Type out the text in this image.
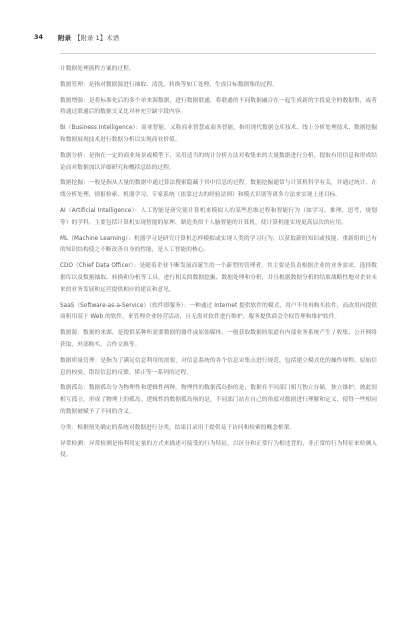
34 附录 【附录 1】术语

计数据处理流程方案的过程。

数据管理：是指对数据源进行抽取、清洗、转换等加工处理，生成目标数据集的过程。

数据增强：是将标准化后的多个单来源数据，进行数据联通，将联通的不同数据融合在一起生成新的字段更全的数据集，或者将通过联通后的数据交叉比对补充空缺字段内容。

BI（Business Intelligence）：商业智能，又称商业智慧或商务智能，指用现代数据仓库技术、线上分析处理技术、数据挖掘和数据展现技术进行数据分析以实现商业价值。

数据分析：是指在一定的商业场景或模型下，采用适当的统计分析方法对收集来的大量数据进行分析，提取有用信息和形成结论而对数据加以详细研究和概括总结的过程。

数据挖掘：一般是指从大量的数据中通过算法搜索隐藏于其中信息的过程。数据挖掘通常与计算机科学有关，并通过统计、在线分析处理、情报检索、机器学习、专家系统（依靠过去的经验法则）和模式识别等诸多方法来实现上述目标。

AI（Artificial Intelligence）：人工智能是研究使计算机来模拟人的某些思维过程和智能行为（如学习、推理、思考、规划等）的学科，主要包括计算机实现智能的原理、制造类似于人脑智能的计算机，使计算机能实现更高层次的应用。

ML（Machine Learning）：机器学习是研究计算机怎样模拟或实现人类的学习行为，以获取新的知识或技能，重新组织已有的知识结构使之不断改善自身的性能，是人工智能的核心。

CDO（Chief Data Officer）：是随着企业不断发展而诞生的一个新型的管理者，其主要是负责根据企业的业务需求，选择数据库以及数据抽取、转换和分析等工具，进行相关的数据挖掘、数据处理和分析，并且根据数据分析的结果战略性地对企业未来的业务发展和运营提供相应的建议和意见。

SaaS（Software-as-a-Service）（软件即服务）：一种通过 Internet 提供软件的模式，用户不用再购买软件，而改用向提供商租用基于 Web 的软件，来管理企业经营活动，且无需对软件进行维护，服务提供商会全权管理和维护软件。

数据源：数据的来源，是提供某种所需要数据的器件或原始媒体。一般获取数据的渠道有内部业务系统产生 / 收集、公开网络获取、外部购买、合作交换等。

数据质量管理：是指为了满足信息利用的需要，对信息系统的各个信息采集点进行规范，包括建立模式化的操作规程、原始信息的校验、错误信息的反馈、矫正等一系列的过程。

数据孤岛：数据孤岛分为物理性和逻辑性两种。物理性的数据孤岛指的是，数据在不同部门相互独立存储，独立维护，彼此间相互孤立，形成了物理上的孤岛。逻辑性的数据孤岛指的是，不同部门站在自己的角度对数据进行理解和定义，使得一些相同的数据被赋予了不同的含义。

分类：根据预先确定的系统对数据进行分类，结果目录用于提供易于访问和检索的概念框架。

异常检测：异常检测是指利用定量的方式来描述可接受的行为特征，以区分和正常行为相违背的、非正常的行为特征来检测入侵。
